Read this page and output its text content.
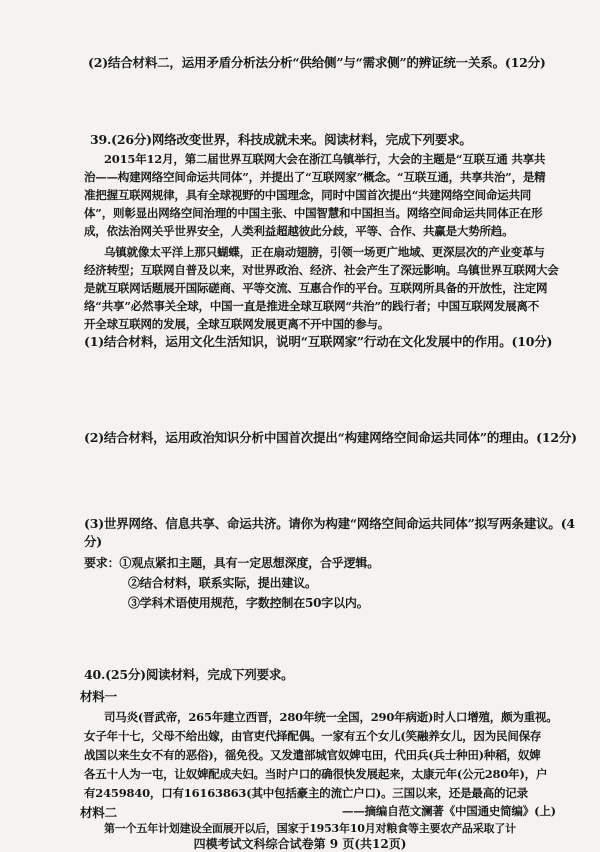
(2)结合材料二，运用矛盾分析法分析“供给侧”与“需求侧”的辨证统一关系。(12分)
39.(26分)网络改变世界，科技成就未来。阅读材料，完成下列要求。
2015年12月，第二届世界互联网大会在浙江乌镇举行，大会的主题是“互联互通 共享共
治——构建网络空间命运共同体”，并提出了“互联网家”概念。“互联互通，共享共治”，是精
准把握互联网规律，具有全球视野的中国理念，同时中国首次提出“共建网络空间命运共同
体”，则彰显出网络空间治理的中国主张、中国智慧和中国担当。网络空间命运共同体正在形
成，依法治网关乎世界安全，人类利益超越彼此分歧，平等、合作、共赢是大势所趋。
乌镇就像太平洋上那只蝴蝶，正在扇动翅膀，引领一场更广地域、更深层次的产业变革与
经济转型；互联网自普及以来，对世界政治、经济、社会产生了深远影响。乌镇世界互联网大会
是就互联网话题展开国际磋商、平等交流、互惠合作的平台。互联网所具备的开放性，注定网
络“共享”必然事关全球，中国一直是推进全球互联网“共治”的践行者；中国互联网发展离不
开全球互联网的发展，全球互联网发展更离不开中国的参与。
(1)结合材料，运用文化生活知识，说明“互联网家”行动在文化发展中的作用。(10分)
(2)结合材料，运用政治知识分析中国首次提出“构建网络空间命运共同体”的理由。(12分)
(3)世界网络、信息共享、命运共济。请你为构建“网络空间命运共同体”拟写两条建议。(4
分)
要求：①观点紧扣主题，具有一定思想深度，合乎逻辑。
②结合材料，联系实际，提出建议。
③学科术语使用规范，字数控制在50字以内。
40.(25分)阅读材料，完成下列要求。
材料一
司马炎(晋武帝，265年建立西晋，280年统一全国，290年病逝)时人口增殖，颇为重视。
女子年十七，父母不给出嫁，由官吏代择配偶。一家有五个女儿(笑融养女儿，因为民间保存
战国以来生女不有的恶俗)，徭免役。又发遣部城官奴婢屯田，代田兵(兵士种田)种稻，奴婢
各五十人为一屯，让奴婢配成夫妇。当时户口的确很快发展起来，太康元年(公元280年)，户
有2459840，口有16163863(其中包括豪主的流亡户口)。三国以来，还是最高的记录
——摘编自范文澜著《中国通史简编》(上)
材料二
第一个五年计划建设全面展开以后，国家于1953年10月对粮食等主要农产品采取了计
四模考试文科综合试卷第 9 页(共12页)
